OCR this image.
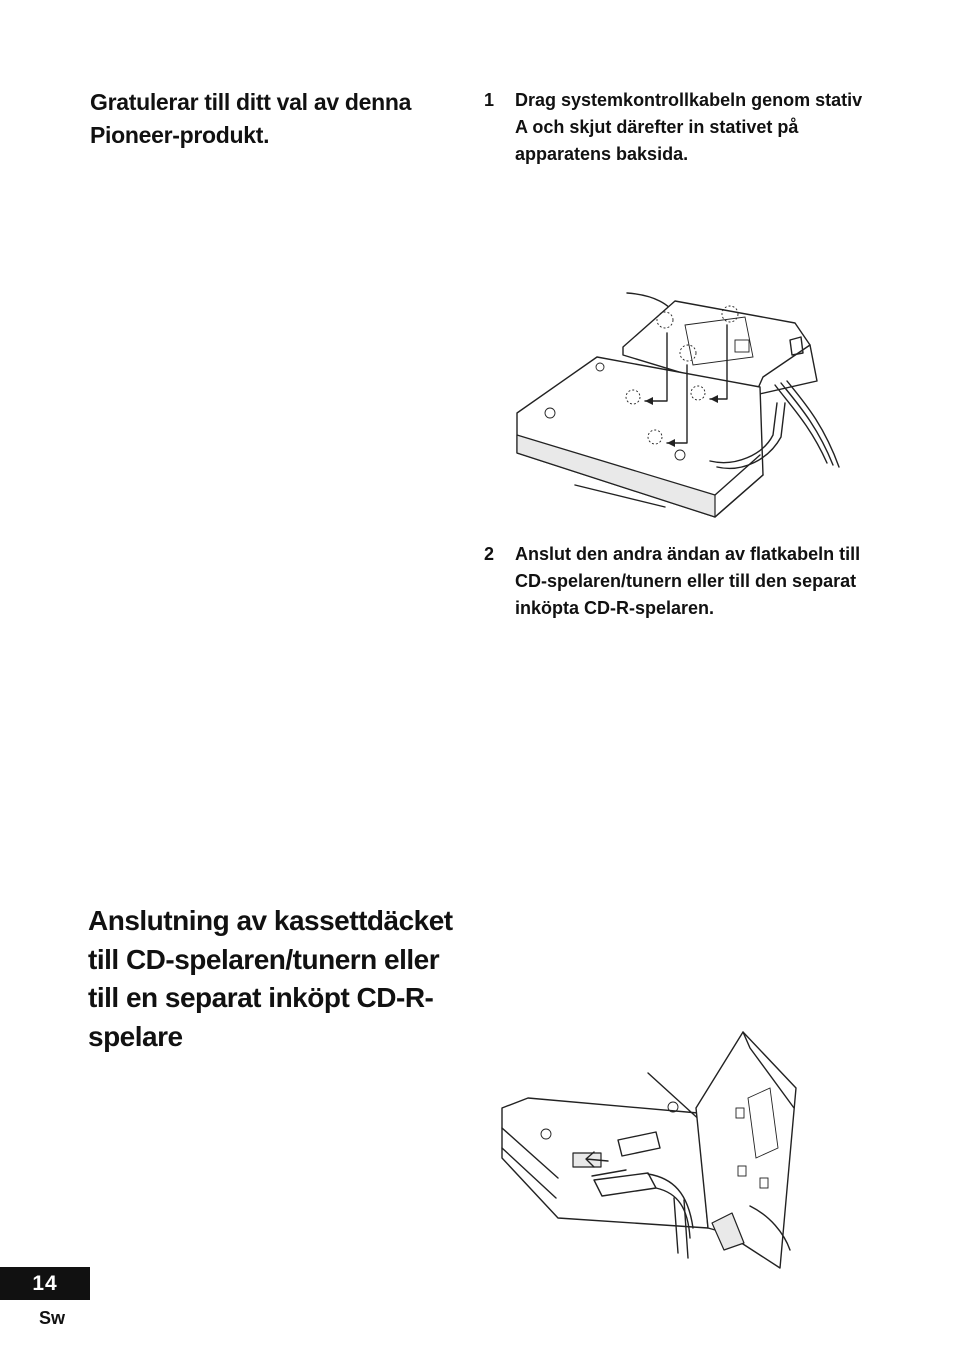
Gratulerar till ditt val av denna Pioneer-produkt.
1	Drag systemkontrollkabeln genom stativ A och skjut därefter in stativet på apparatens baksida.
2	Anslut den andra ändan av flatkabeln till CD-spelaren/tunern eller till den separat inköpta CD-R-spelaren.
Anslutning av kassettdäcket till CD-spelaren/tunern eller till en separat inköpt CD-R-spelare
14
Sw
